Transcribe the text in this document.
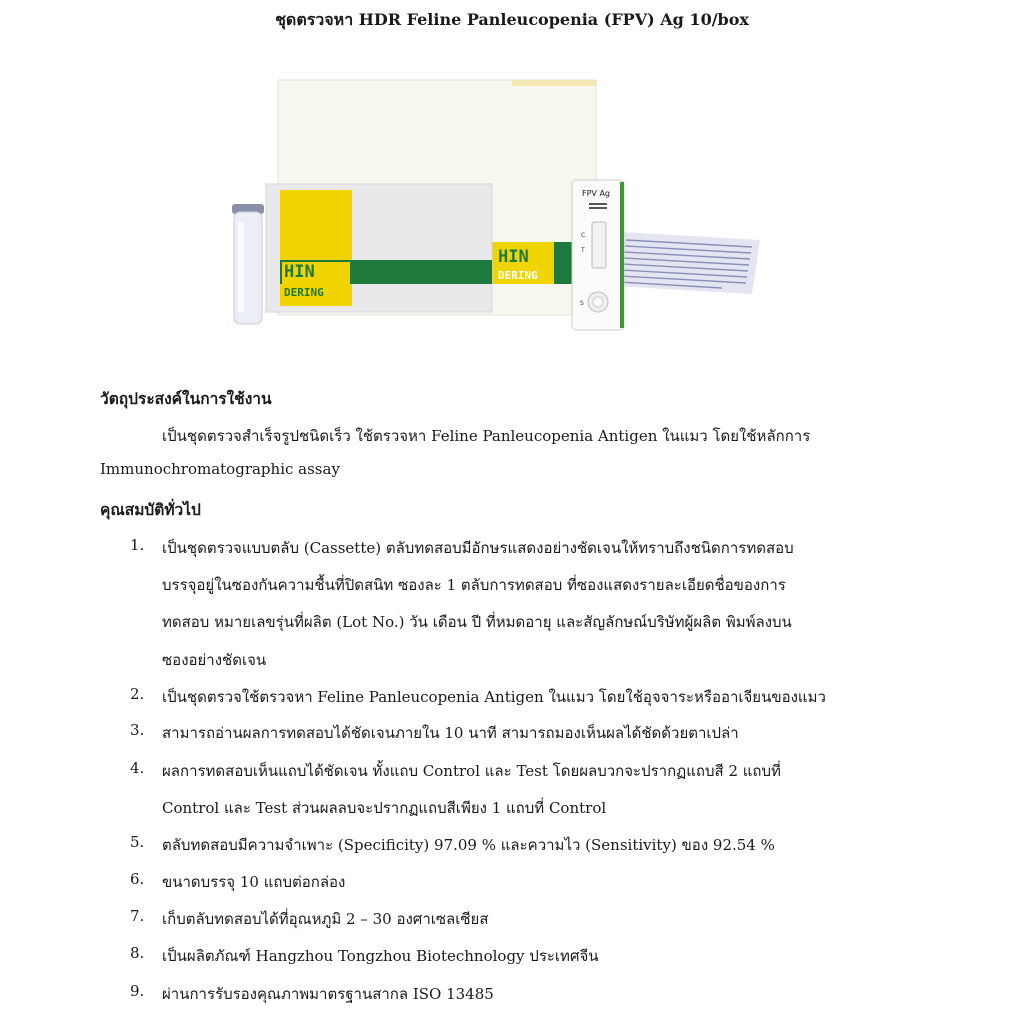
ชุดตรวจหา HDR Feline Panleucopenia (FPV) Ag 10/box
HIN
DERING
HIN
DERING
FPV Ag
C
T
S
วัตถุประสงค์ในการใช้งาน
เป็นชุดตรวจสำเร็จรูปชนิดเร็ว ใช้ตรวจหา Feline Panleucopenia Antigen ในแมว โดยใช้หลักการ
Immunochromatographic assay
คุณสมบัติทั่วไป
1. เป็นชุดตรวจแบบตลับ (Cassette) ตลับทดสอบมีอักษรแสดงอย่างชัดเจนให้ทราบถึงชนิดการทดสอบ
บรรจุอยู่ในซองกันความชื้นที่ปิดสนิท ซองละ 1 ตลับการทดสอบ ที่ซองแสดงรายละเอียดชื่อของการ
ทดสอบ หมายเลขรุ่นที่ผลิต (Lot No.) วัน เดือน ปี ที่หมดอายุ และสัญลักษณ์บริษัทผู้ผลิต พิมพ์ลงบน
ซองอย่างชัดเจน
2. เป็นชุดตรวจใช้ตรวจหา Feline Panleucopenia Antigen ในแมว โดยใช้อุจจาระหรืออาเจียนของแมว
3. สามารถอ่านผลการทดสอบได้ชัดเจนภายใน 10 นาที สามารถมองเห็นผลได้ชัดด้วยตาเปล่า
4. ผลการทดสอบเห็นแถบได้ชัดเจน ทั้งแถบ Control และ Test โดยผลบวกจะปรากฏแถบสี 2 แถบที่
Control และ Test ส่วนผลลบจะปรากฏแถบสีเพียง 1 แถบที่ Control
5. ตลับทดสอบมีความจำเพาะ (Specificity) 97.09 % และความไว (Sensitivity) ของ 92.54 %
6. ขนาดบรรจุ 10 แถบต่อกล่อง
7. เก็บตลับทดสอบได้ที่อุณหภูมิ 2 – 30 องศาเซลเซียส
8. เป็นผลิตภัณฑ์ Hangzhou Tongzhou Biotechnology ประเทศจีน
9. ผ่านการรับรองคุณภาพมาตรฐานสากล ISO 13485
